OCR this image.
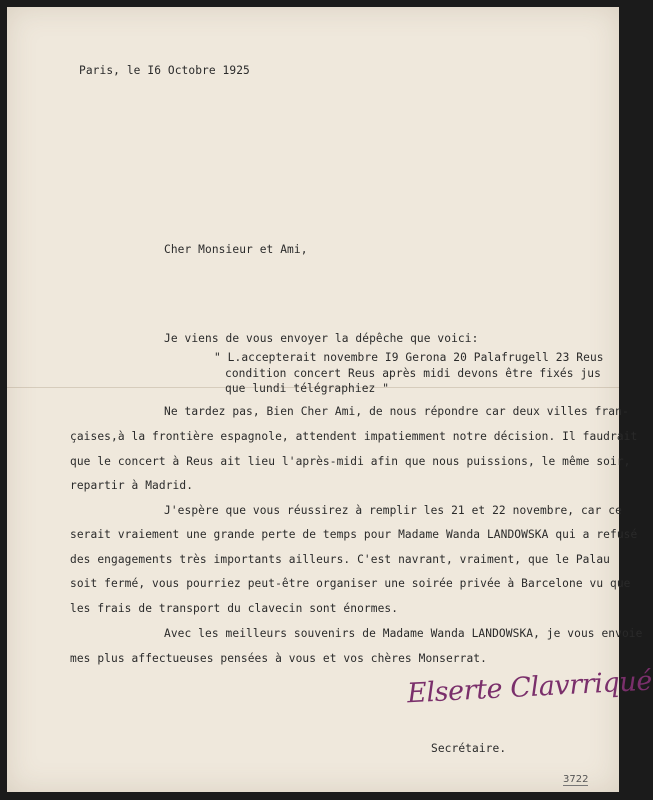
Paris, le I6 Octobre 1925
Cher Monsieur et Ami,
Je viens de vous envoyer la dépêche que voici:
" L.accepterait novembre I9 Gerona 20 Palafrugell 23 Reus
condition concert Reus après midi devons être fixés jus
que lundi télégraphiez "
Ne tardez pas, Bien Cher Ami, de nous répondre car deux villes fran-
çaises,à la frontière espagnole, attendent impatiemment notre décision. Il faudrait
que le concert à Reus ait lieu l'après-midi afin que nous puissions, le même soir,
repartir à Madrid.
J'espère que vous réussirez à remplir les 21 et 22 novembre, car ce
serait vraiement une grande perte de temps pour Madame Wanda LANDOWSKA qui a refusé
des engagements très importants ailleurs. C'est navrant, vraiment, que le Palau
soit fermé, vous pourriez peut-être organiser une soirée privée à Barcelone vu que
les frais de transport du clavecin sont énormes.
Avec les meilleurs souvenirs de Madame Wanda LANDOWSKA, je vous envoie
mes plus affectueuses pensées à vous et vos chères Monserrat.
Elserte Clavrriqué
Secrétaire.
3722
